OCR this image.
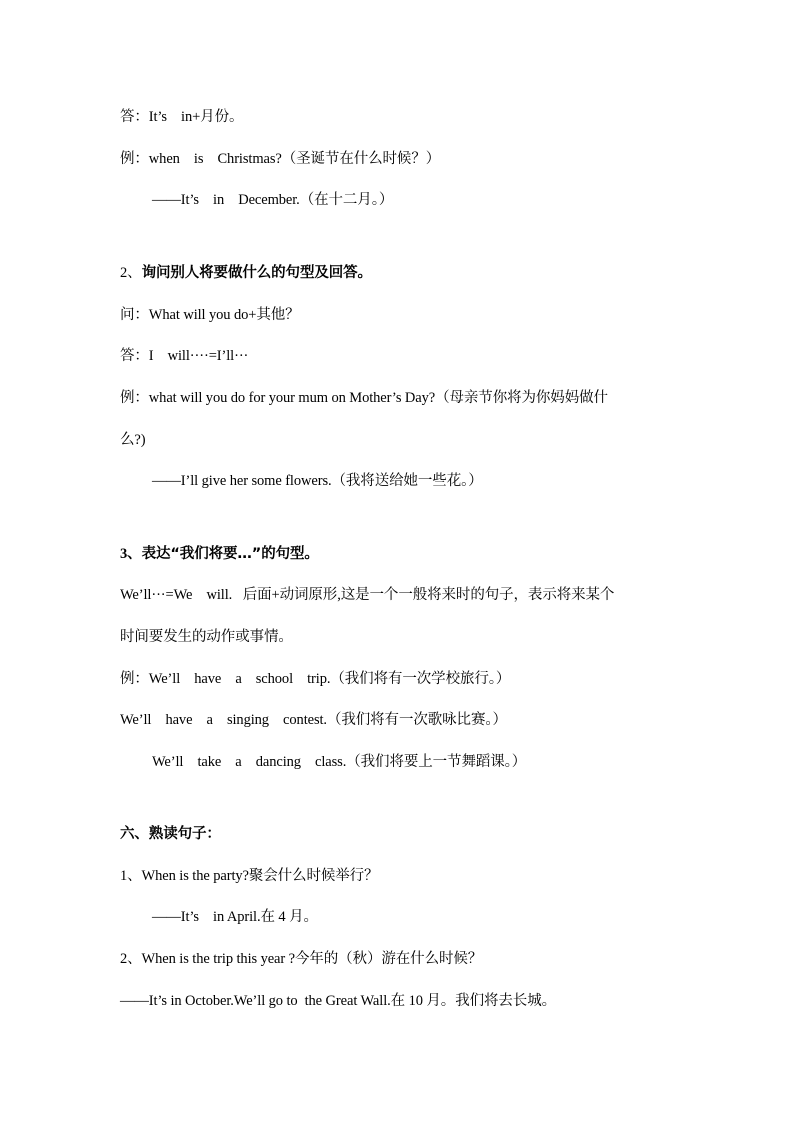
答：It’s    in+月份。
例：when    is    Christmas?（圣诞节在什么时候？）
——It’s    in    December.（在十二月。）
2、询问别人将要做什么的句型及回答。
问：What will you do+其他？
答：I    will····=I’ll···
例：what will you do for your mum on Mother’s Day?（母亲节你将为你妈妈做什
么?)
——I’ll give her some flowers.（我将送给她一些花。）
3、表达“我们将要…”的句型。
We’ll···=We    will.   后面+动词原形,这是一个一般将来时的句子，表示将来某个
时间要发生的动作或事情。
例：We’ll    have    a    school    trip.（我们将有一次学校旅行。）
We’ll    have    a    singing    contest.（我们将有一次歌咏比赛。）
We’ll    take    a    dancing    class.（我们将要上一节舞蹈课。）
六、熟读句子：
1、When is the party?聚会什么时候举行？
——It’s    in April.在 4 月。
2、When is the trip this year ?今年的（秋）游在什么时候？
——It’s in October.We’ll go to  the Great Wall.在 10 月。我们将去长城。
